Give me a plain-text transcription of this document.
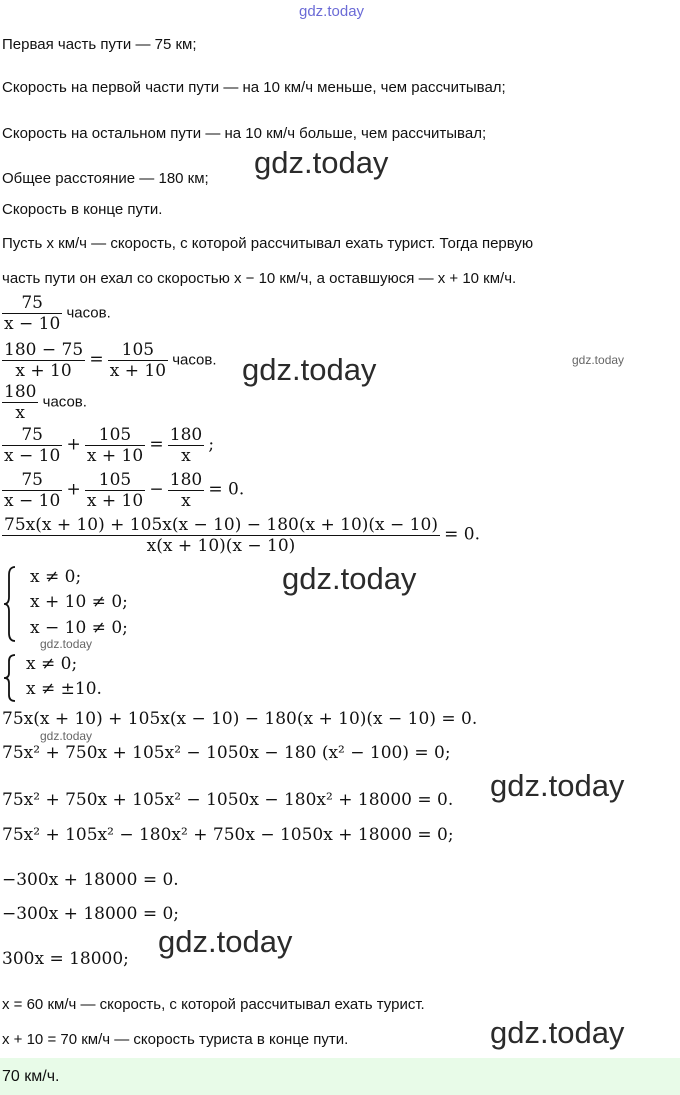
gdz.today
gdz.today
gdz.today
gdz.today
gdz.today
gdz.today
gdz.today
gdz.today
gdz.today
gdz.today
Первая часть пути — 75 км;
Скорость на первой части пути — на 10 км/ч меньше, чем рассчитывал;
Скорость на остальном пути — на 10 км/ч больше, чем рассчитывал;
Общее расстояние — 180 км;
Скорость в конце пути.
Пусть x км/ч — скорость, с которой рассчитывал ехать турист. Тогда первую
часть пути он ехал со скоростью x − 10 км/ч, а оставшуюся — x + 10 км/ч.
$\frac{75}{x - 10}$ часов.
$\frac{180 - 75}{x + 10} = \frac{105}{x + 10}$ часов.
$\frac{180}{x}$ часов.
$\frac{75}{x - 10} + \frac{105}{x + 10} = \frac{180}{x}$ ;
$\frac{75}{x - 10} + \frac{105}{x + 10} - \frac{180}{x} = 0$.
$\frac{75x(x + 10) + 105x(x - 10) - 180(x + 10)(x - 10)}{x(x + 10)(x - 10)} = 0$.
x ≠ 0;
x + 10 ≠ 0;
x − 10 ≠ 0;
x ≠ 0;
x ≠ ±10.
75x(x + 10) + 105x(x − 10) − 180(x + 10)(x − 10) = 0.
75x² + 750x + 105x² − 1050x − 180 (x² − 100) = 0;
75x² + 750x + 105x² − 1050x − 180x² + 18000 = 0.
75x² + 105x² − 180x² + 750x − 1050x + 18000 = 0;
−300x + 18000 = 0.
−300x + 18000 = 0;
300x = 18000;
x = 60 км/ч — скорость, с которой рассчитывал ехать турист.
x + 10 = 70 км/ч — скорость туриста в конце пути.
70 км/ч.
